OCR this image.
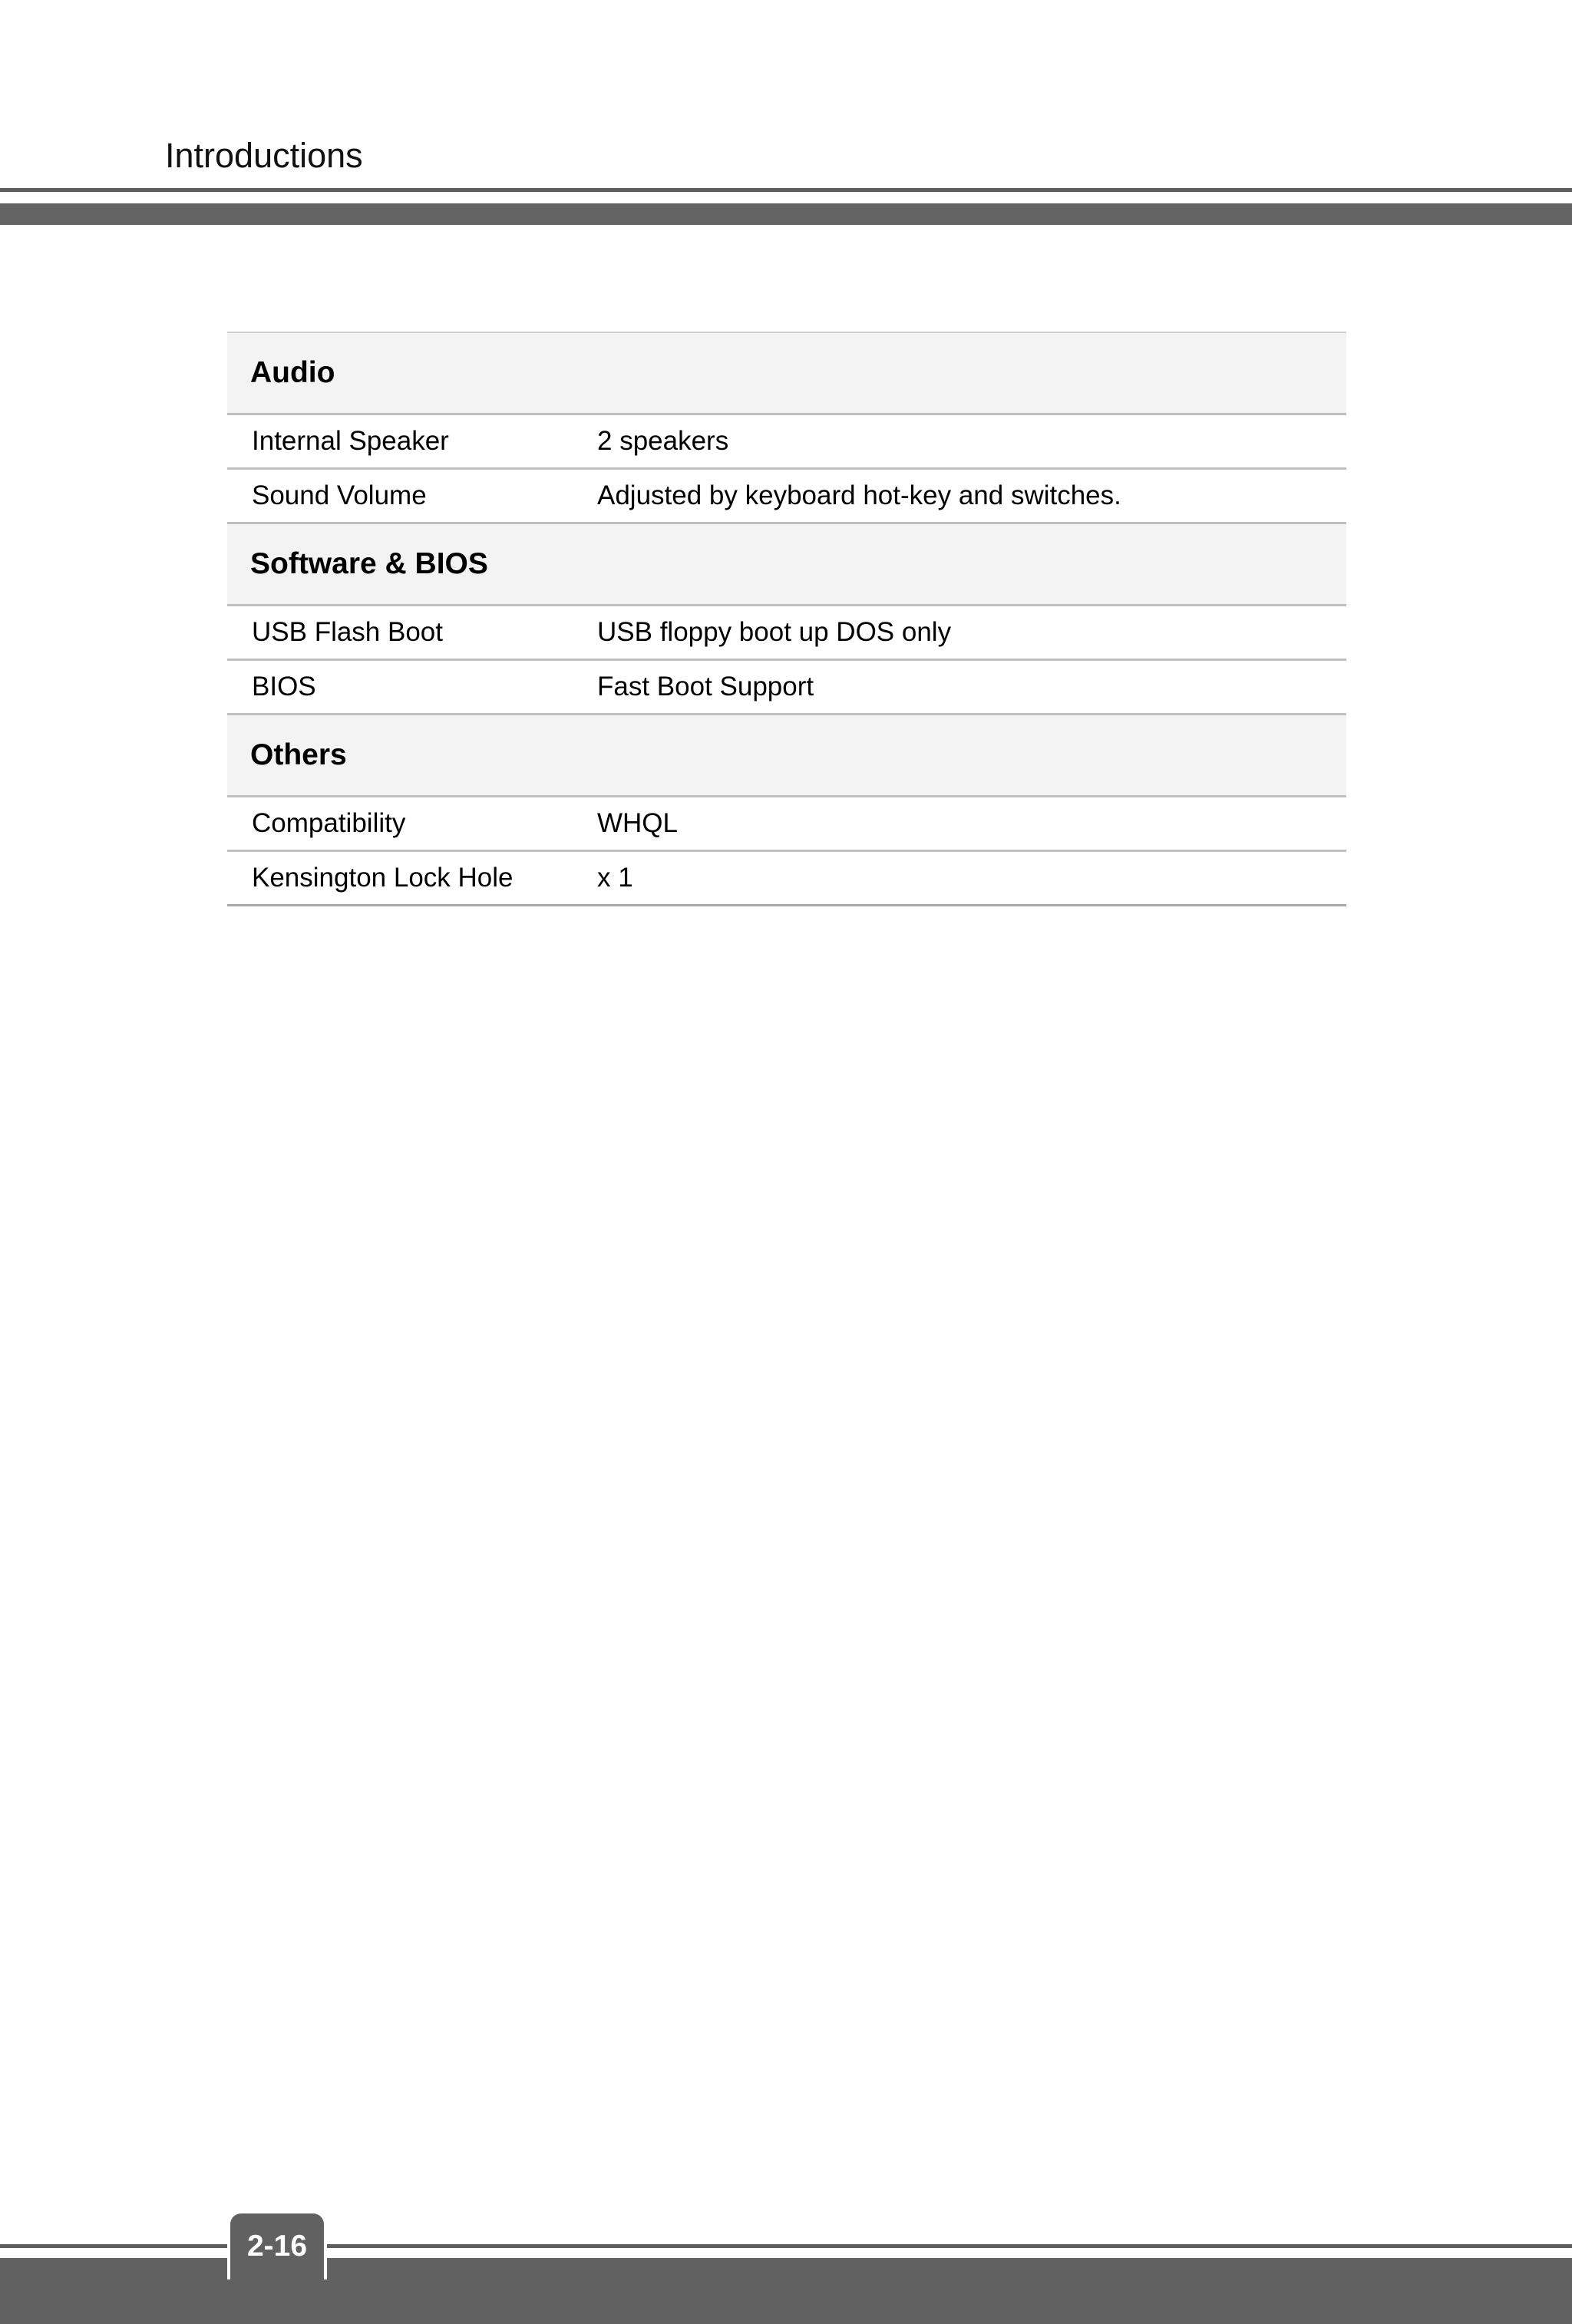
Introductions
Audio	
Internal Speaker	2 speakers
Sound Volume	Adjusted by keyboard hot-key and switches.
Software & BIOS	
USB Flash Boot	USB floppy boot up DOS only
BIOS	Fast Boot Support
Others	
Compatibility	WHQL
Kensington Lock Hole	x 1
2-16
